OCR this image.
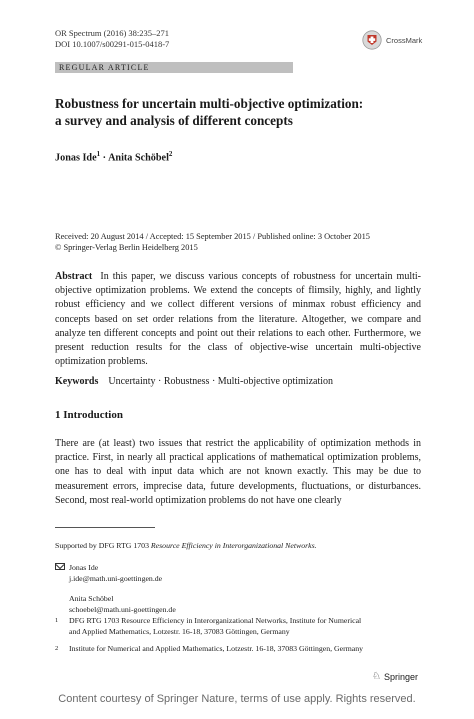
OR Spectrum (2016) 38:235–271
DOI 10.1007/s00291-015-0418-7	CrossMark
REGULAR ARTICLE
Robustness for uncertain multi-objective optimization:
a survey and analysis of different concepts
Jonas Ide$^1$ · Anita Schöbel$^2$
Received: 20 August 2014 / Accepted: 15 September 2015 / Published online: 3 October 2015
© Springer-Verlag Berlin Heidelberg 2015
Abstract In this paper, we discuss various concepts of robustness for uncertain multi-objective optimization problems. We extend the concepts of flimsily, highly, and lightly robust efficiency and we collect different versions of minmax robust efficiency and concepts based on set order relations from the literature. Altogether, we compare and analyze ten different concepts and point out their relations to each other. Furthermore, we present reduction results for the class of objective-wise uncertain multi-objective optimization problems.
Keywords Uncertainty · Robustness · Multi-objective optimization
1 Introduction
There are (at least) two issues that restrict the applicability of optimization methods in practice. First, in nearly all practical applications of mathematical optimization problems, one has to deal with input data which are not known exactly. This may be due to measurement errors, imprecise data, future developments, fluctuations, or disturbances. Second, most real-world optimization problems do not have one clearly
Supported by DFG RTG 1703 Resource Efficiency in Interorganizational Networks.
Jonas Ide
j.ide@math.uni-goettingen.de
Anita Schöbel
schoebel@math.uni-goettingen.de
1 DFG RTG 1703 Resource Efficiency in Interorganizational Networks, Institute for Numerical
and Applied Mathematics, Lotzestr. 16-18, 37083 Göttingen, Germany
2 Institute for Numerical and Applied Mathematics, Lotzestr. 16-18, 37083 Göttingen, Germany
♘ Springer
Content courtesy of Springer Nature, terms of use apply. Rights reserved.
